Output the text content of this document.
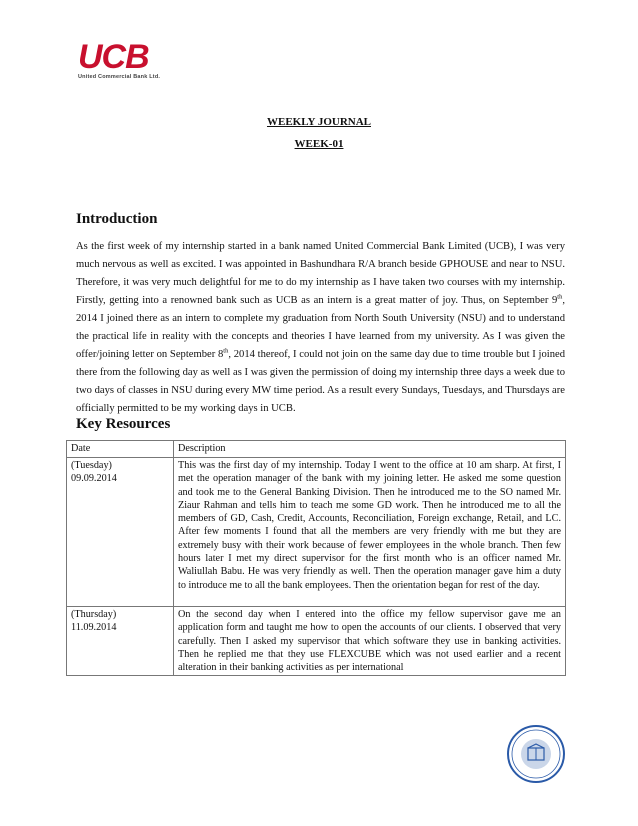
UCB
United Commercial Bank Ltd.
WEEKLY JOURNAL
WEEK-01
Introduction
As the first week of my internship started in a bank named United Commercial Bank Limited (UCB), I was very much nervous as well as excited. I was appointed in Bashundhara R/A branch beside GPHOUSE and near to NSU. Therefore, it was very much delightful for me to do my internship as I have taken two courses with my internship. Firstly, getting into a renowned bank such as UCB as an intern is a great matter of joy. Thus, on September 9th, 2014 I joined there as an intern to complete my graduation from North South University (NSU) and to understand the practical life in reality with the concepts and theories I have learned from my university. As I was given the offer/joining letter on September 8th, 2014 thereof, I could not join on the same day due to time trouble but I joined there from the following day as well as I was given the permission of doing my internship three days a week due to two days of classes in NSU during every MW time period. As a result every Sundays, Tuesdays, and Thursdays are officially permitted to be my working days in UCB.
Key Resources
Date	Description

(Tuesday)
09.09.2014	This was the first day of my internship. Today I went to the office at 10 am sharp. At first, I met the operation manager of the bank with my joining letter. He asked me some question and took me to the General Banking Division. Then he introduced me to the SO named Mr. Ziaur Rahman and tells him to teach me some GD work. Then he introduced me to all the members of GD, Cash, Credit, Accounts, Reconciliation, Foreign exchange, Retail, and LC. After few moments I found that all the members are very friendly with me but they are extremely busy with their work because of fewer employees in the whole branch. Then few hours later I met my direct supervisor for the first month who is an officer named Mr. Waliullah Babu. He was very friendly as well. Then the operation manager gave him a duty to introduce me to all the bank employees. Then the orientation began for rest of the day.

(Thursday)
11.09.2014	On the second day when I entered into the office my fellow supervisor gave me an application form and taught me how to open the accounts of our clients. I observed that very carefully. Then I asked my supervisor that which software they use in banking activities. Then he replied me that they use FLEXCUBE which was not used earlier and a recent alteration in their banking activities as per international
